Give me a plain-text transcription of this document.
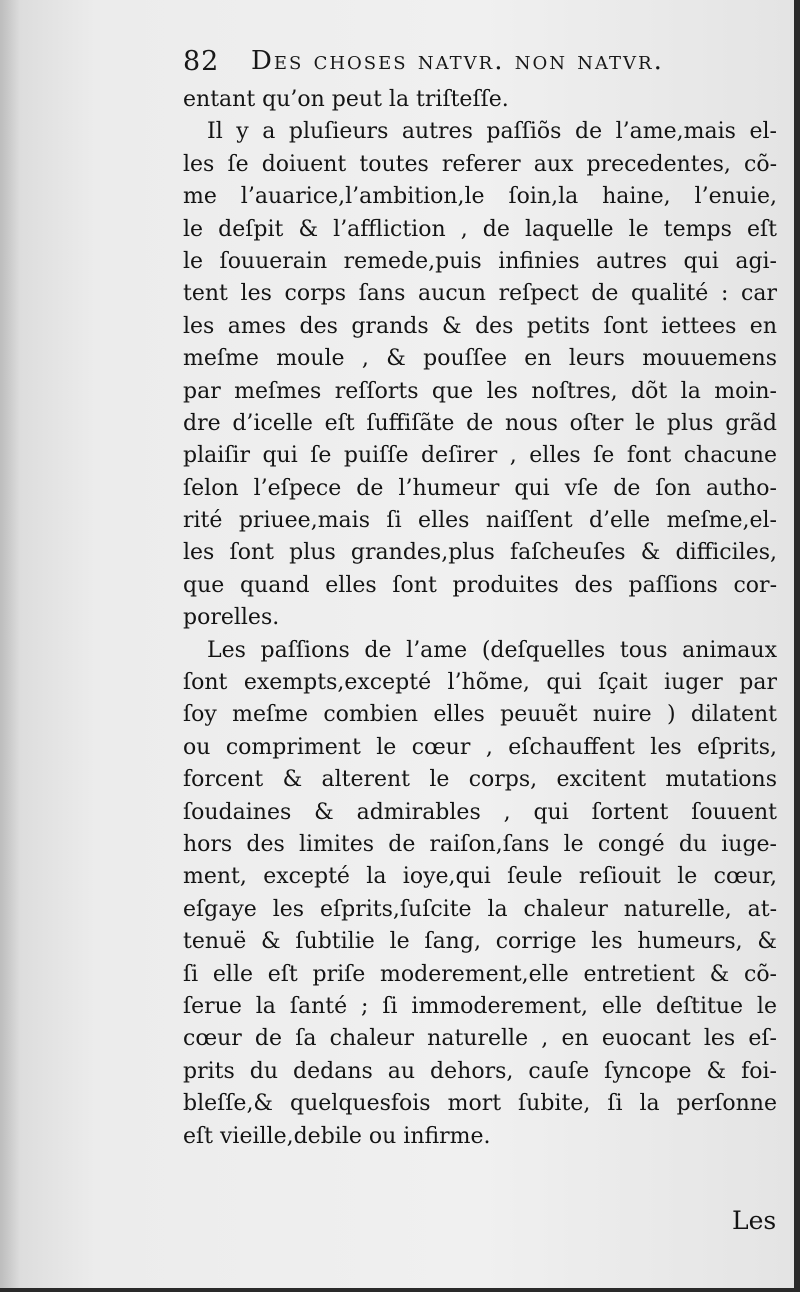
82 Des choses natvr. non natvr.
entant qu’on peut la triſteſſe.
Il y a pluſieurs autres paſſiõs de l’ame,mais el-
les ſe doiuent toutes referer aux precedentes, cõ-
me l’auarice,l’ambition,le ſoin,la haine, l’enuie,
le deſpit & l’affliction , de laquelle le temps eſt
le ſouuerain remede,puis infinies autres qui agi-
tent les corps ſans aucun reſpect de qualité : car
les ames des grands & des petits ſont iettees en
meſme moule , & pouſſee en leurs mouuemens
par meſmes reſſorts que les noſtres, dõt la moin-
dre d’icelle eſt ſuffiſãte de nous oſter le plus grãd
plaiſir qui ſe puiſſe deſirer , elles ſe font chacune
ſelon l’eſpece de l’humeur qui vſe de ſon autho-
rité priuee,mais ſi elles naiſſent d’elle meſme,el-
les ſont plus grandes,plus faſcheuſes & difficiles,
que quand elles ſont produites des paſſions cor-
porelles.
Les paſſions de l’ame (deſquelles tous animaux
ſont exempts,excepté l’hõme, qui ſçait iuger par
ſoy meſme combien elles peuuẽt nuire ) dilatent
ou compriment le cœur , eſchauffent les eſprits,
forcent & alterent le corps, excitent mutations
ſoudaines & admirables , qui ſortent ſouuent
hors des limites de raiſon,ſans le congé du iuge-
ment, excepté la ioye,qui ſeule reſiouit le cœur,
eſgaye les eſprits,ſuſcite la chaleur naturelle, at-
tenuë & ſubtilie le ſang, corrige les humeurs, &
ſi elle eſt priſe moderement,elle entretient & cõ-
ſerue la ſanté ; ſi immoderement, elle deſtitue le
cœur de ſa chaleur naturelle , en euocant les eſ-
prits du dedans au dehors, cauſe ſyncope & foi-
bleſſe,& quelquesfois mort ſubite, ſi la perſonne
eſt vieille,debile ou infirme.
Les
